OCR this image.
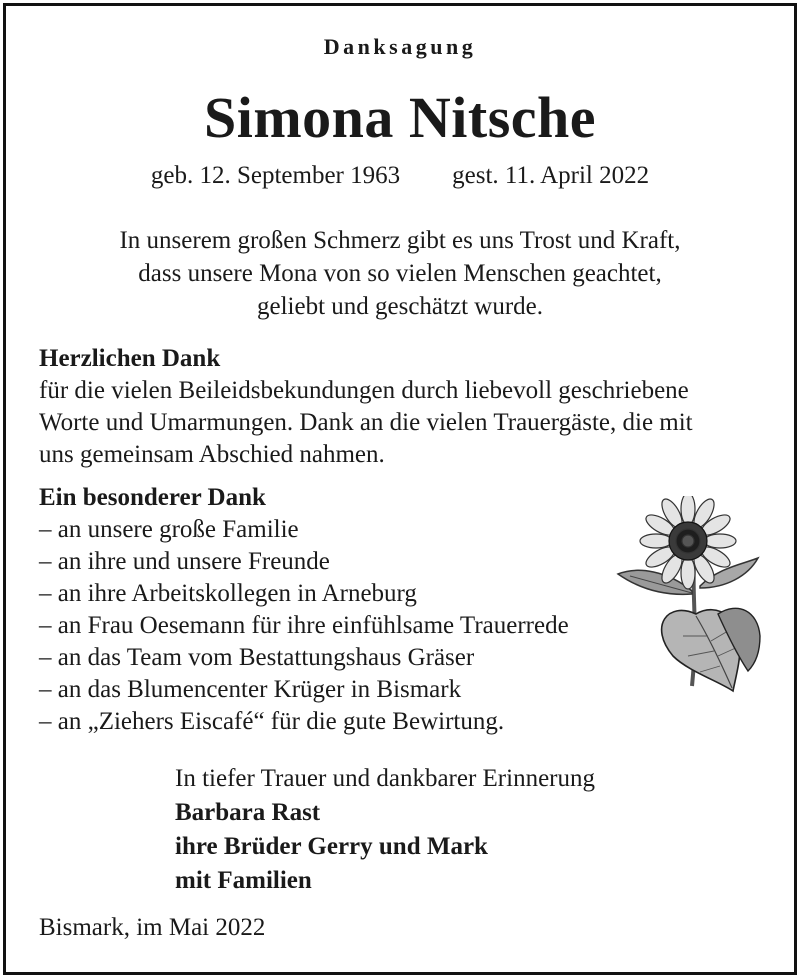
Danksagung
Simona Nitsche
geb. 12. September 1963 gest. 11. April 2022
In unserem großen Schmerz gibt es uns Trost und Kraft,
dass unsere Mona von so vielen Menschen geachtet,
geliebt und geschätzt wurde.
Herzlichen Dank
für die vielen Beileidsbekundungen durch liebevoll geschriebene
Worte und Umarmungen. Dank an die vielen Trauergäste, die mit
uns gemeinsam Abschied nahmen.
Ein besonderer Dank
– an unsere große Familie
– an ihre und unsere Freunde
– an ihre Arbeitskollegen in Arneburg
– an Frau Oesemann für ihre einfühlsame Trauerrede
– an das Team vom Bestattungshaus Gräser
– an das Blumencenter Krüger in Bismark
– an „Ziehers Eiscafé“ für die gute Bewirtung.
In tiefer Trauer und dankbarer Erinnerung
Barbara Rast
ihre Brüder Gerry und Mark
mit Familien
Bismark, im Mai 2022
